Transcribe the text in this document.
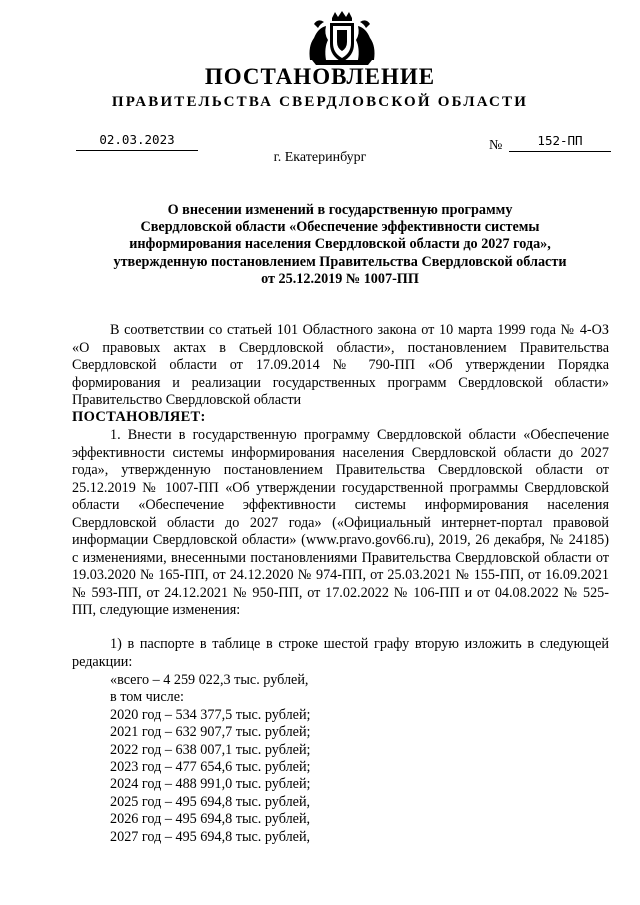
ПОСТАНОВЛЕНИЕ
ПРАВИТЕЛЬСТВА СВЕРДЛОВСКОЙ ОБЛАСТИ
02.03.2023	№	152-ПП
г. Екатеринбург
О внесении изменений в государственную программу
Свердловской области «Обеспечение эффективности системы
информирования населения Свердловской области до 2027 года»,
утвержденную постановлением Правительства Свердловской области
от 25.12.2019 № 1007-ПП

В соответствии со статьей 101 Областного закона от 10 марта 1999 года № 4-ОЗ «О правовых актах в Свердловской области», постановлением Правительства Свердловской области от 17.09.2014 № 790-ПП «Об утверждении Порядка формирования и реализации государственных программ Свердловской области» Правительство Свердловской области

ПОСТАНОВЛЯЕТ:

1. Внести в государственную программу Свердловской области «Обеспечение эффективности системы информирования населения Свердловской области до 2027 года», утвержденную постановлением Правительства Свердловской области от 25.12.2019 № 1007-ПП «Об утверждении государственной программы Свердловской области «Обеспечение эффективности системы информирования населения Свердловской области до 2027 года» («Официальный интернет-портал правовой информации Свердловской области» (www.pravo.gov66.ru), 2019, 26 декабря, № 24185) с изменениями, внесенными постановлениями Правительства Свердловской области от 19.03.2020 № 165-ПП, от 24.12.2020 № 974-ПП, от 25.03.2021 № 155-ПП, от 16.09.2021 № 593-ПП, от 24.12.2021 № 950-ПП, от 17.02.2022 № 106-ПП и от 04.08.2022 № 525-ПП, следующие изменения:

1) в паспорте в таблице в строке шестой графу вторую изложить в следующей редакции:

«всего – 4 259 022,3 тыс. рублей,
в том числе:
2020 год – 534 377,5 тыс. рублей;
2021 год – 632 907,7 тыс. рублей;
2022 год – 638 007,1 тыс. рублей;
2023 год – 477 654,6 тыс. рублей;
2024 год – 488 991,0 тыс. рублей;
2025 год – 495 694,8 тыс. рублей,
2026 год – 495 694,8 тыс. рублей,
2027 год – 495 694,8 тыс. рублей,
